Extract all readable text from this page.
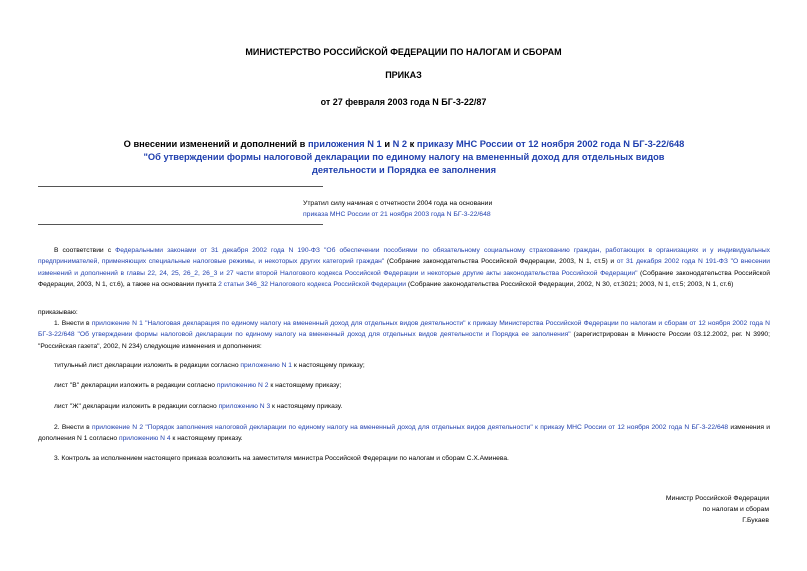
МИНИСТЕРСТВО РОССИЙСКОЙ ФЕДЕРАЦИИ ПО НАЛОГАМ И СБОРАМ
ПРИКАЗ
от 27 февраля 2003 года N БГ-3-22/87
О внесении изменений и дополнений в приложения N 1 и N 2 к приказу МНС России от 12 ноября 2002 года N БГ-3-22/648 "Об утверждении формы налоговой декларации по единому налогу на вмененный доход для отдельных видов деятельности и Порядка ее заполнения
Утратил силу начиная с отчетности 2004 года на основании
приказа МНС России от 21 ноября 2003 года N БГ-3-22/648
В соответствии с Федеральными законами от 31 декабря 2002 года N 190-ФЗ "Об обеспечении пособиями по обязательному социальному страхованию граждан, работающих в организациях и у индивидуальных предпринимателей, применяющих специальные налоговые режимы, и некоторых других категорий граждан" (Собрание законодательства Российской Федерации, 2003, N 1, ст.5) и от 31 декабря 2002 года N 191-ФЗ "О внесении изменений и дополнений в главы 22, 24, 25, 26_2, 26_3 и 27 части второй Налогового кодекса Российской Федерации и некоторые другие акты законодательства Российской Федерации" (Собрание законодательства Российской Федерации, 2003, N 1, ст.6), а также на основании пункта 2 статьи 346_32 Налогового кодекса Российской Федерации (Собрание законодательства Российской Федерации, 2002, N 30, ст.3021; 2003, N 1, ст.5; 2003, N 1, ст.6)
приказываю:
1. Внести в приложение N 1 "Налоговая декларация по единому налогу на вмененный доход для отдельных видов деятельности" к приказу Министерства Российской Федерации по налогам и сборам от 12 ноября 2002 года N БГ-3-22/648 "Об утверждении формы налоговой декларации по единому налогу на вмененный доход для отдельных видов деятельности и Порядка ее заполнения" (зарегистрирован в Минюсте России 03.12.2002, рег. N 3990; "Российская газета", 2002, N 234) следующие изменения и дополнения:
титульный лист декларации изложить в редакции согласно приложению N 1 к настоящему приказу;
лист "В" декларации изложить в редакции согласно приложению N 2 к настоящему приказу;
лист "Ж" декларации изложить в редакции согласно приложению N 3 к настоящему приказу.
2. Внести в приложение N 2 "Порядок заполнения налоговой декларации по единому налогу на вмененный доход для отдельных видов деятельности" к приказу МНС России от 12 ноября 2002 года N БГ-3-22/648 изменения и дополнения N 1 согласно приложению N 4 к настоящему приказу.
3. Контроль за исполнением настоящего приказа возложить на заместителя министра Российской Федерации по налогам и сборам С.Х.Аминева.
Министр Российской Федерации
по налогам и сборам
Г.Букаев
